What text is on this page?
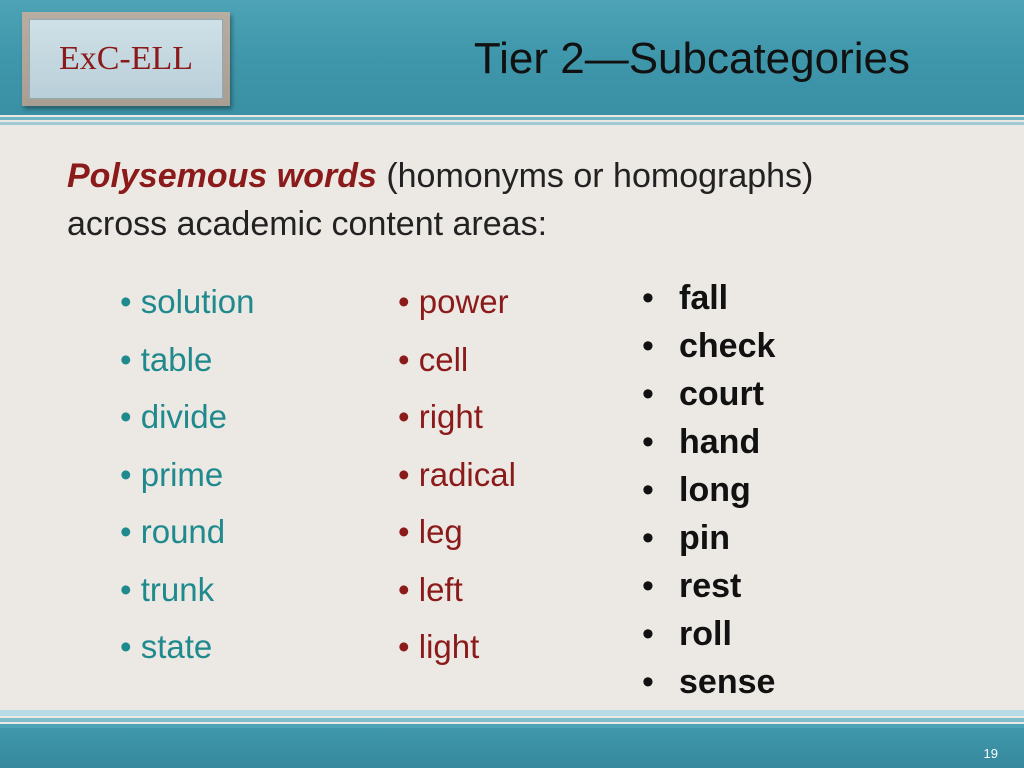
ExC-ELL	Tier 2—Subcategories
Polysemous words (homonyms or homographs)
across academic content areas:
• solution
• table
• divide
• prime
• round
• trunk
• state
• power
• cell
• right
• radical
• leg
• left
• light
• fall
• check
• court
• hand
• long
• pin
• rest
• roll
• sense
19
